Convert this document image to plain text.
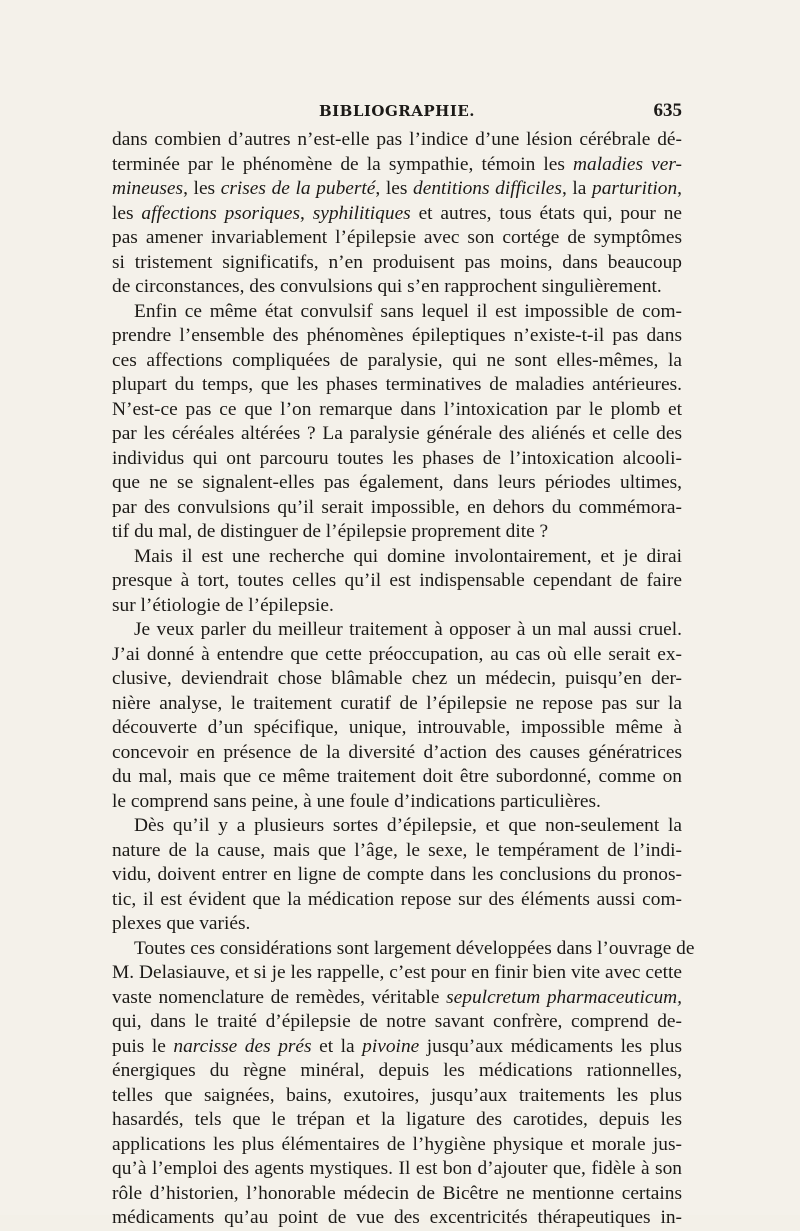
BIBLIOGRAPHIE.	635
dans combien d’autres n’est-elle pas l’indice d’une lésion cérébrale dé-
terminée par le phénomène de la sympathie, témoin les maladies ver-
mineuses, les crises de la puberté, les dentitions difficiles, la parturition,
les affections psoriques, syphilitiques et autres, tous états qui, pour ne
pas amener invariablement l’épilepsie avec son cortége de symptômes
si tristement significatifs, n’en produisent pas moins, dans beaucoup
de circonstances, des convulsions qui s’en rapprochent singulièrement.
Enfin ce même état convulsif sans lequel il est impossible de com-
prendre l’ensemble des phénomènes épileptiques n’existe-t-il pas dans
ces affections compliquées de paralysie, qui ne sont elles-mêmes, la
plupart du temps, que les phases terminatives de maladies antérieures.
N’est-ce pas ce que l’on remarque dans l’intoxication par le plomb et
par les céréales altérées ? La paralysie générale des aliénés et celle des
individus qui ont parcouru toutes les phases de l’intoxication alcooli-
que ne se signalent-elles pas également, dans leurs périodes ultimes,
par des convulsions qu’il serait impossible, en dehors du commémora-
tif du mal, de distinguer de l’épilepsie proprement dite ?
Mais il est une recherche qui domine involontairement, et je dirai
presque à tort, toutes celles qu’il est indispensable cependant de faire
sur l’étiologie de l’épilepsie.
Je veux parler du meilleur traitement à opposer à un mal aussi cruel.
J’ai donné à entendre que cette préoccupation, au cas où elle serait ex-
clusive, deviendrait chose blâmable chez un médecin, puisqu’en der-
nière analyse, le traitement curatif de l’épilepsie ne repose pas sur la
découverte d’un spécifique, unique, introuvable, impossible même à
concevoir en présence de la diversité d’action des causes génératrices
du mal, mais que ce même traitement doit être subordonné, comme on
le comprend sans peine, à une foule d’indications particulières.
Dès qu’il y a plusieurs sortes d’épilepsie, et que non-seulement la
nature de la cause, mais que l’âge, le sexe, le tempérament de l’indi-
vidu, doivent entrer en ligne de compte dans les conclusions du pronos-
tic, il est évident que la médication repose sur des éléments aussi com-
plexes que variés.
Toutes ces considérations sont largement développées dans l’ouvrage de
M. Delasiauve, et si je les rappelle, c’est pour en finir bien vite avec cette
vaste nomenclature de remèdes, véritable sepulcretum pharmaceuticum,
qui, dans le traité d’épilepsie de notre savant confrère, comprend de-
puis le narcisse des prés et la pivoine jusqu’aux médicaments les plus
énergiques du règne minéral, depuis les médications rationnelles,
telles que saignées, bains, exutoires, jusqu’aux traitements les plus
hasardés, tels que le trépan et la ligature des carotides, depuis les
applications les plus élémentaires de l’hygiène physique et morale jus-
qu’à l’emploi des agents mystiques. Il est bon d’ajouter que, fidèle à son
rôle d’historien, l’honorable médecin de Bicêtre ne mentionne certains
médicaments qu’au point de vue des excentricités thérapeutiques in-
